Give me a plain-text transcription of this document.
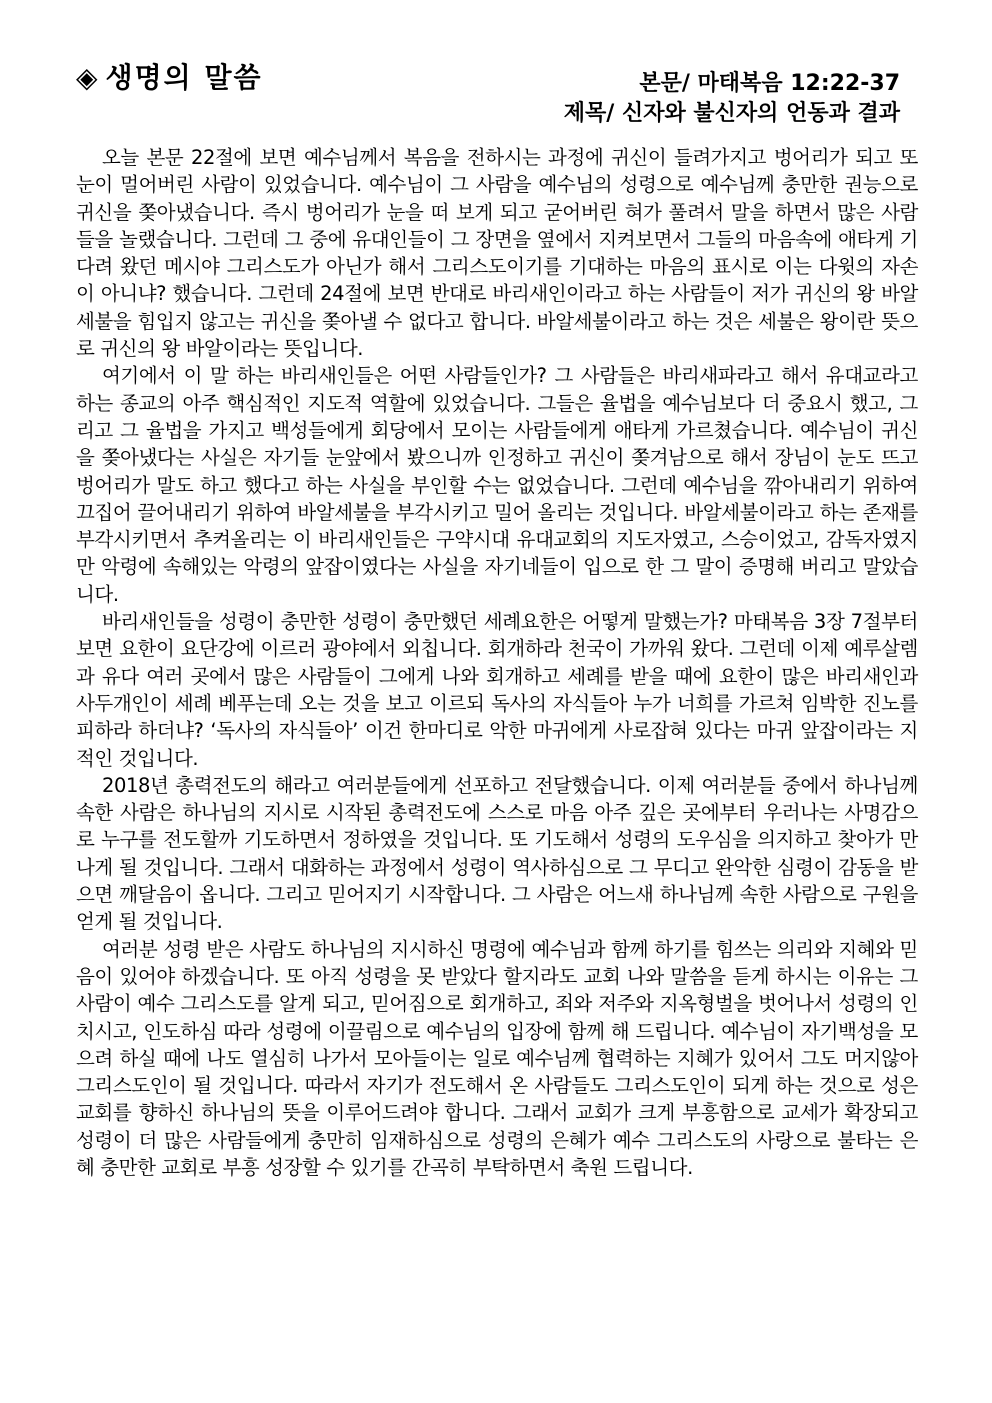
◈ 생명의 말씀	본문/ 마태복음 12:22-37
제목/ 신자와 불신자의 언동과 결과

오늘 본문 22절에 보면 예수님께서 복음을 전하시는 과정에 귀신이 들려가지고 벙어리가 되고 또 눈이 멀어버린 사람이 있었습니다. 예수님이 그 사람을 예수님의 성령으로 예수님께 충만한 권능으로 귀신을 쫒아냈습니다. 즉시 벙어리가 눈을 떠 보게 되고 굳어버린 혀가 풀려서 말을 하면서 많은 사람들을 놀랬습니다. 그런데 그 중에 유대인들이 그 장면을 옆에서 지켜보면서 그들의 마음속에 애타게 기다려 왔던 메시야 그리스도가 아닌가 해서 그리스도이기를 기대하는 마음의 표시로 이는 다윗의 자손이 아니냐? 했습니다. 그런데 24절에 보면 반대로 바리새인이라고 하는 사람들이 저가 귀신의 왕 바알세불을 힘입지 않고는 귀신을 쫒아낼 수 없다고 합니다. 바알세불이라고 하는 것은 세불은 왕이란 뜻으로 귀신의 왕 바알이라는 뜻입니다.

여기에서 이 말 하는 바리새인들은 어떤 사람들인가? 그 사람들은 바리새파라고 해서 유대교라고 하는 종교의 아주 핵심적인 지도적 역할에 있었습니다. 그들은 율법을 예수님보다 더 중요시 했고, 그리고 그 율법을 가지고 백성들에게 회당에서 모이는 사람들에게 애타게 가르쳤습니다. 예수님이 귀신을 쫒아냈다는 사실은 자기들 눈앞에서 봤으니까 인정하고 귀신이 쫒겨남으로 해서 장님이 눈도 뜨고 벙어리가 말도 하고 했다고 하는 사실을 부인할 수는 없었습니다. 그런데 예수님을 깎아내리기 위하여 끄집어 끌어내리기 위하여 바알세불을 부각시키고 밀어 올리는 것입니다. 바알세불이라고 하는 존재를 부각시키면서 추켜올리는 이 바리새인들은 구약시대 유대교회의 지도자였고, 스승이었고, 감독자였지만 악령에 속해있는 악령의 앞잡이였다는 사실을 자기네들이 입으로 한 그 말이 증명해 버리고 말았습니다.

바리새인들을 성령이 충만한 성령이 충만했던 세례요한은 어떻게 말했는가? 마태복음 3장 7절부터보면 요한이 요단강에 이르러 광야에서 외칩니다. 회개하라 천국이 가까워 왔다. 그런데 이제 예루살렘과 유다 여러 곳에서 많은 사람들이 그에게 나와 회개하고 세례를 받을 때에 요한이 많은 바리새인과 사두개인이 세례 베푸는데 오는 것을 보고 이르되 독사의 자식들아 누가 너희를 가르쳐 임박한 진노를 피하라 하더냐? ‘독사의 자식들아’ 이건 한마디로 악한 마귀에게 사로잡혀 있다는 마귀 앞잡이라는 지적인 것입니다.

2018년 총력전도의 해라고 여러분들에게 선포하고 전달했습니다. 이제 여러분들 중에서 하나님께 속한 사람은 하나님의 지시로 시작된 총력전도에 스스로 마음 아주 깊은 곳에부터 우러나는 사명감으로 누구를 전도할까 기도하면서 정하였을 것입니다. 또 기도해서 성령의 도우심을 의지하고 찾아가 만나게 될 것입니다. 그래서 대화하는 과정에서 성령이 역사하심으로 그 무디고 완악한 심령이 감동을 받으면 깨달음이 옵니다. 그리고 믿어지기 시작합니다. 그 사람은 어느새 하나님께 속한 사람으로 구원을 얻게 될 것입니다.

여러분 성령 받은 사람도 하나님의 지시하신 명령에 예수님과 함께 하기를 힘쓰는 의리와 지혜와 믿음이 있어야 하겠습니다. 또 아직 성령을 못 받았다 할지라도 교회 나와 말씀을 듣게 하시는 이유는 그 사람이 예수 그리스도를 알게 되고, 믿어짐으로 회개하고, 죄와 저주와 지옥형벌을 벗어나서 성령의 인치시고, 인도하심 따라 성령에 이끌림으로 예수님의 입장에 함께 해 드립니다. 예수님이 자기백성을 모으려 하실 때에 나도 열심히 나가서 모아들이는 일로 예수님께 협력하는 지혜가 있어서 그도 머지않아 그리스도인이 될 것입니다. 따라서 자기가 전도해서 온 사람들도 그리스도인이 되게 하는 것으로 성은교회를 향하신 하나님의 뜻을 이루어드려야 합니다. 그래서 교회가 크게 부흥함으로 교세가 확장되고 성령이 더 많은 사람들에게 충만히 임재하심으로 성령의 은혜가 예수 그리스도의 사랑으로 불타는 은혜 충만한 교회로 부흥 성장할 수 있기를 간곡히 부탁하면서 축원 드립니다.
